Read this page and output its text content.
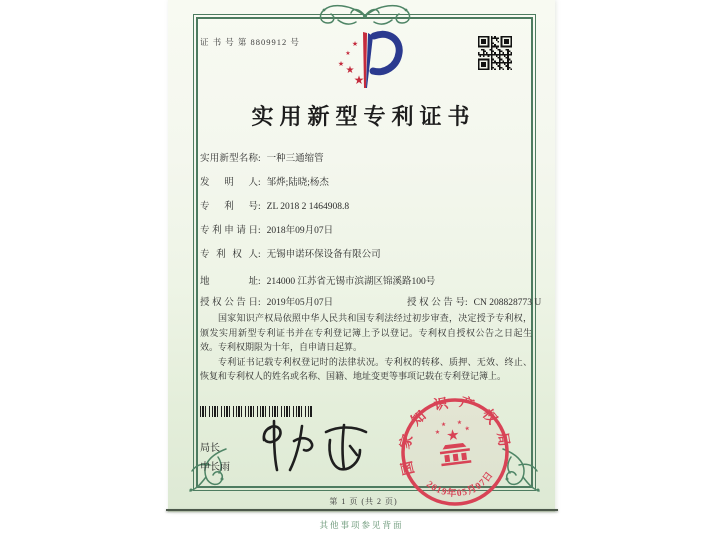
证 书 号 第 8809912 号	★
★
★
★
★
实用新型专利证书
实用新型名称: 一种三通缩管
发明人: 邹烨;陆晓;杨杰
专利号: ZL 2018 2 1464908.8
专利申请日: 2018年09月07日
专利权人: 无锡申诺环保设备有限公司
地址: 214000 江苏省无锡市滨湖区锦溪路100号
授权公告日: 2019年05月07日	授权公告号: CN 208828773 U

国家知识产权局依照中华人民共和国专利法经过初步审查，决定授予专利权，颁发实用新型专利证书并在专利登记簿上予以登记。专利权自授权公告之日起生效。专利权期限为十年，自申请日起算。

专利证书记载专利权登记时的法律状况。专利权的转移、质押、无效、终止、恢复和专利权人的姓名或名称、国籍、地址变更等事项记载在专利登记簿上。

局长
申长雨	国家知识产权局
★
★
★ ★
★
2019年05月07日
第 1 页 (共 2 页)
其他事项参见背面
